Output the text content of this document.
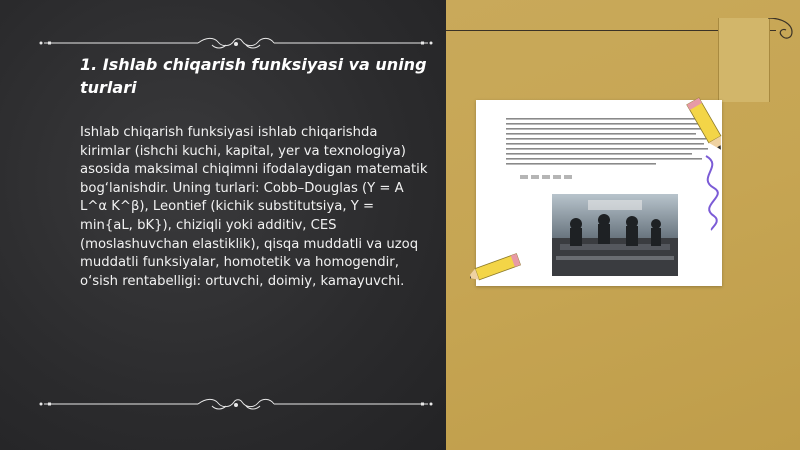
1. Ishlab chiqarish funksiyasi va uning turlari

Ishlab chiqarish funksiyasi ishlab chiqarishda kirimlar (ishchi kuchi, kapital, yer va texnologiya) asosida maksimal chiqimni ifodalaydigan matematik bog‘lanishdir. Uning turlari: Cobb–Douglas (Y = A L^α K^β), Leontief (kichik substitutsiya, Y = min{aL, bK}), chiziqli yoki additiv, CES (moslashuvchan elastiklik), qisqa muddatli va uzoq muddatli funksiyalar, homotetik va homogendir, o‘sish rentabelligi: ortuvchi, doimiy, kamayuvchi.
